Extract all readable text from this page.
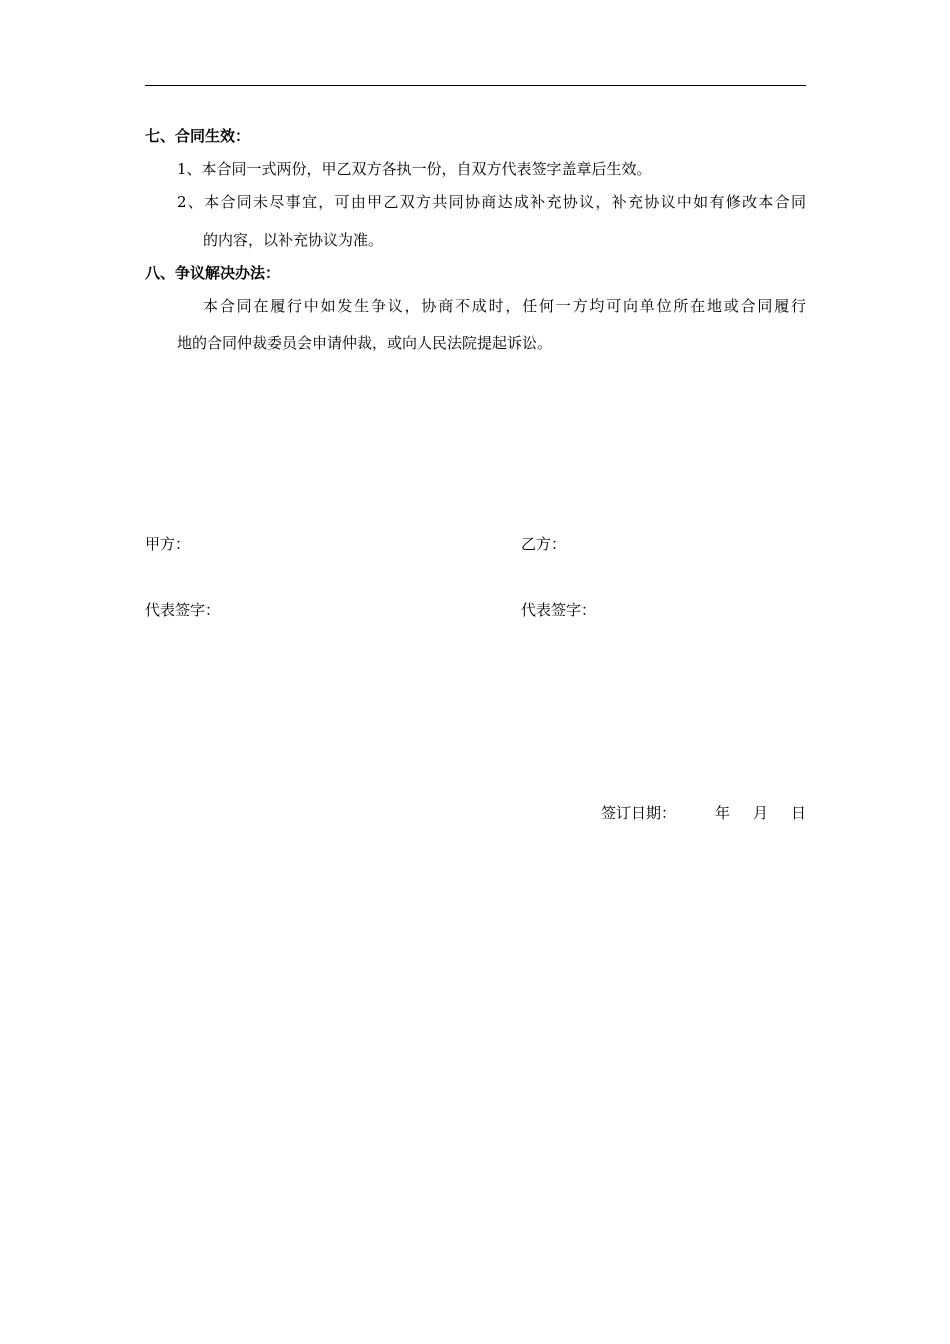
七、合同生效：
1、本合同一式两份，甲乙双方各执一份，自双方代表签字盖章后生效。
2、本合同未尽事宜，可由甲乙双方共同协商达成补充协议，补充协议中如有修改本合同
的内容，以补充协议为准。
八、争议解决办法：
本合同在履行中如发生争议，协商不成时，任何一方均可向单位所在地或合同履行
地的合同仲裁委员会申请仲裁，或向人民法院提起诉讼。
甲方：	乙方：
代表签字：	代表签字：
签订日期：	年 月 日
